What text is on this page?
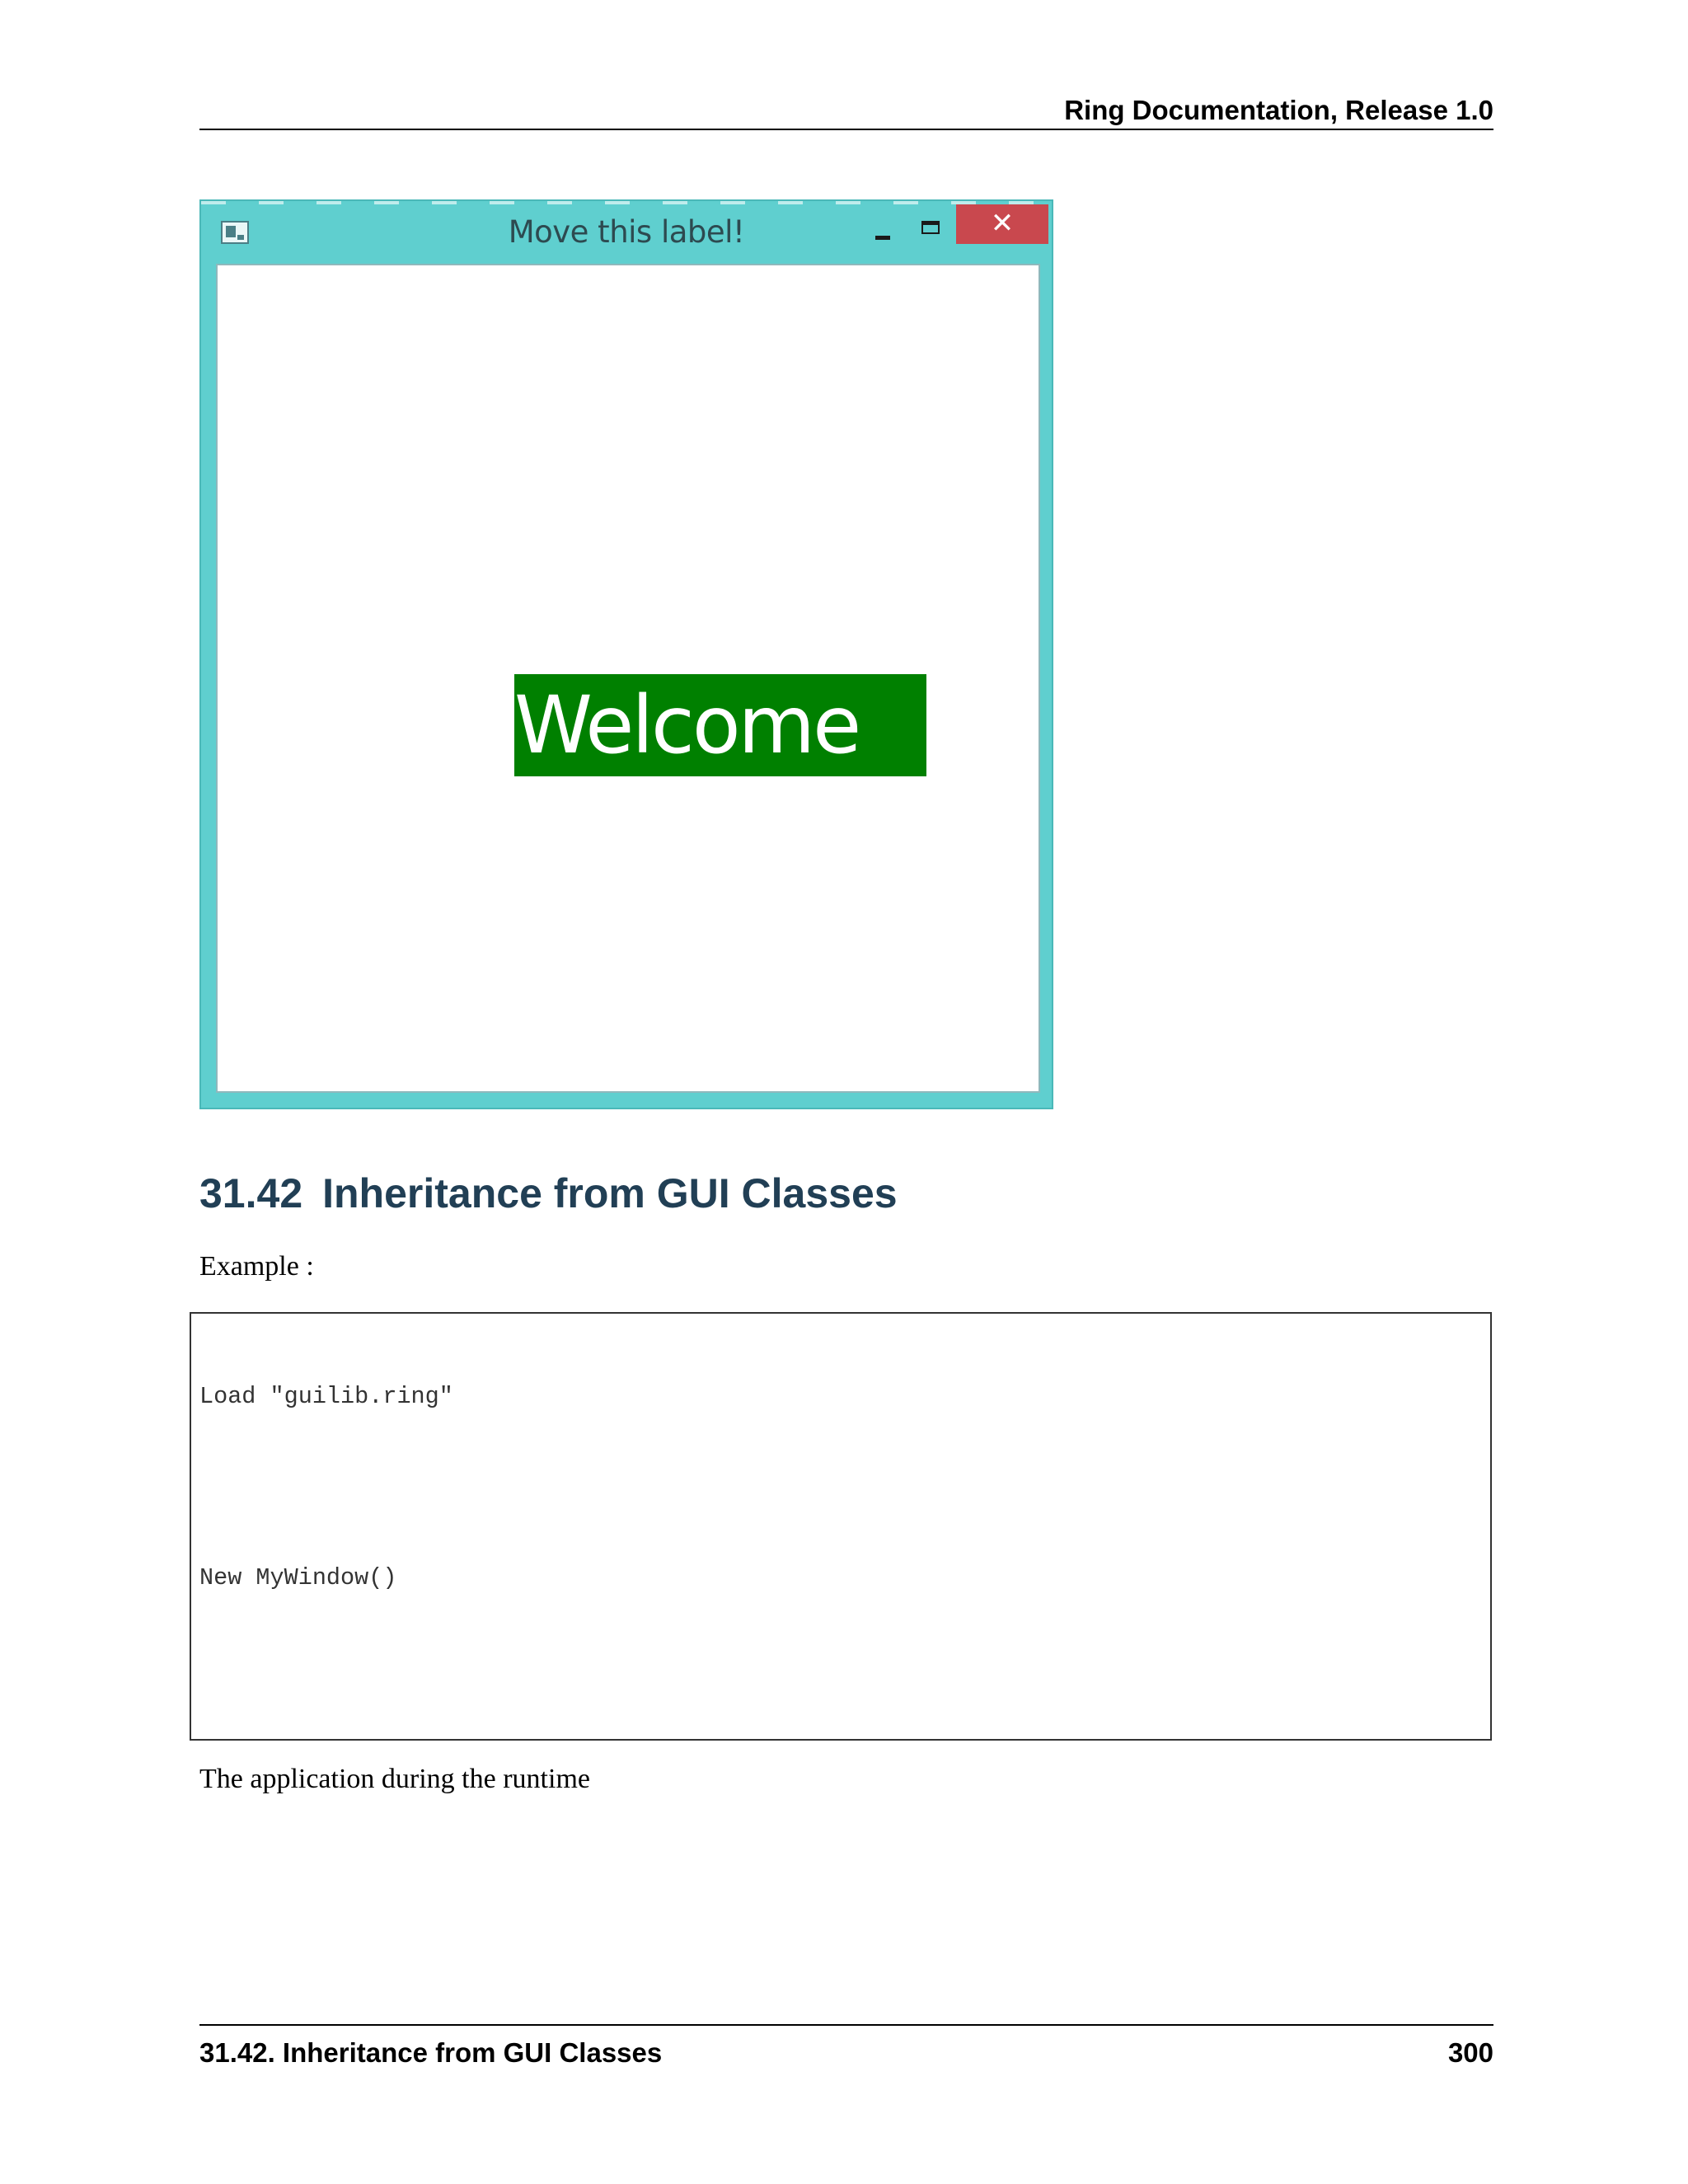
Ring Documentation, Release 1.0
Move this label!	✕
Welcome
31.42 Inheritance from GUI Classes
Example :

Load "guilib.ring"

New MyWindow()

The application during the runtime
31.42. Inheritance from GUI Classes	300
